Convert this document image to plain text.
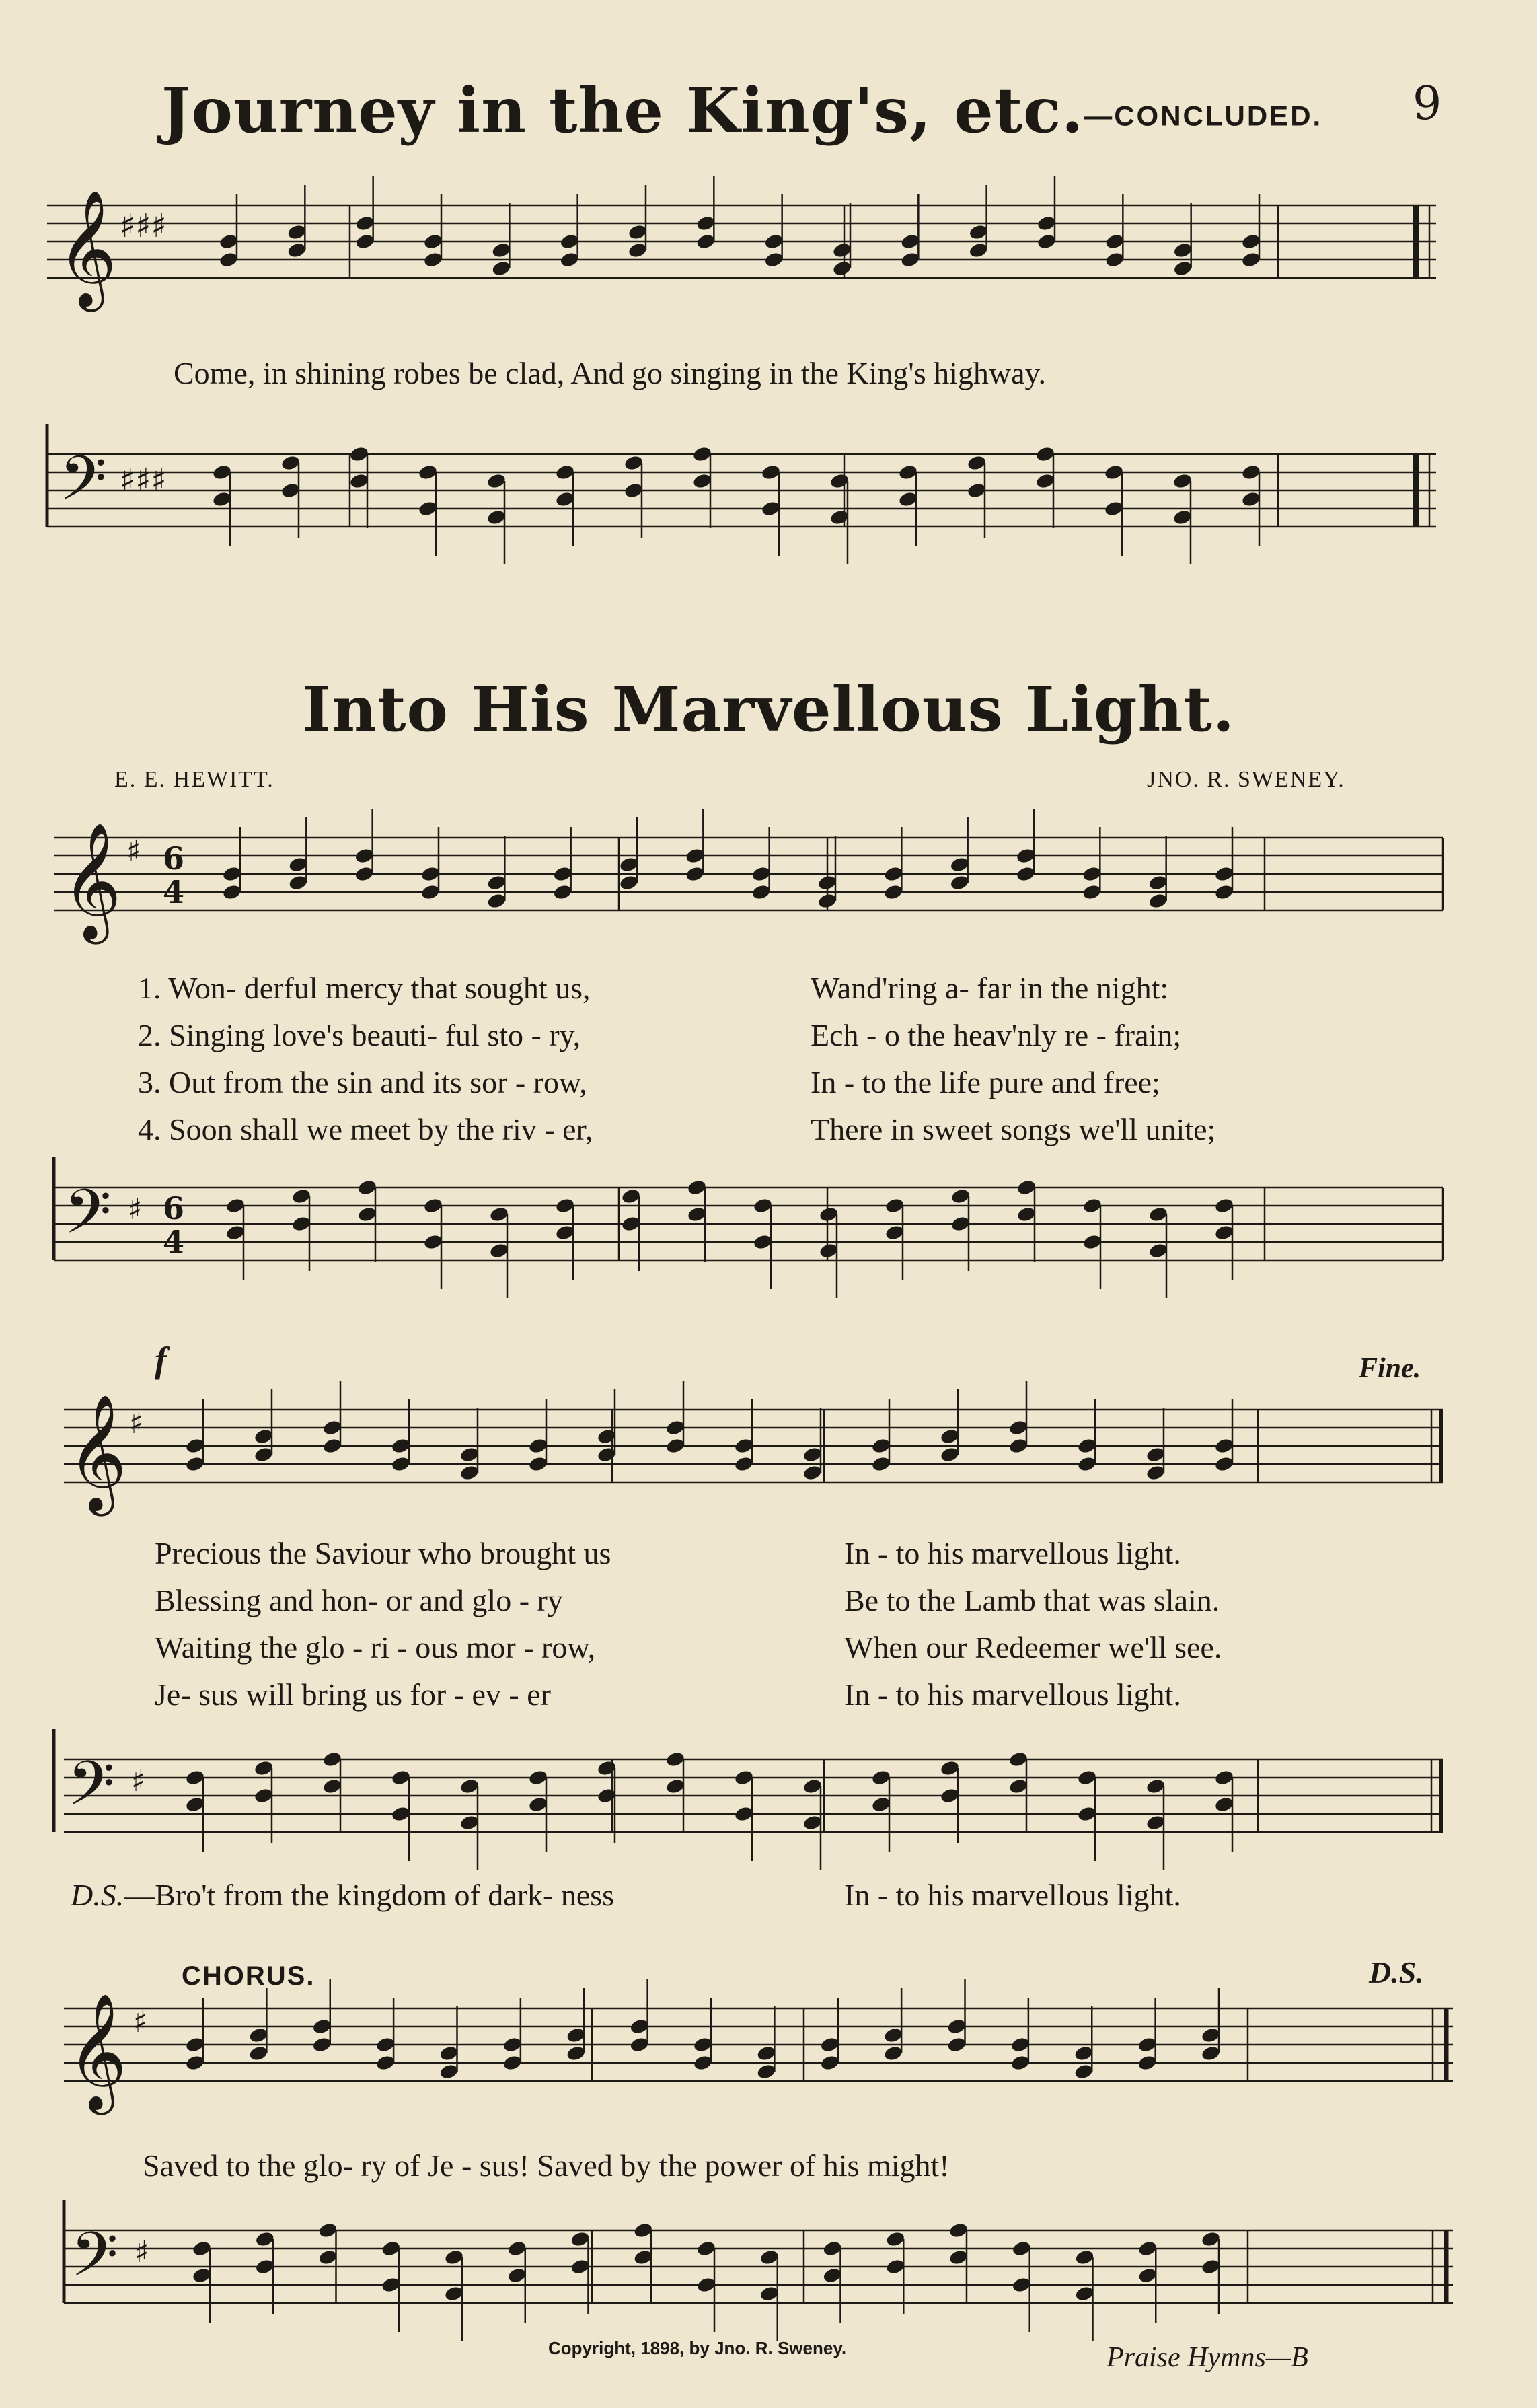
Journey in the King's, etc.—CONCLUDED. 9
𝄞 ♯♯♯
Come, in shining robes be clad, And go singing in the King's highway.
𝄢 ♯♯♯
Into His Marvellous Light.
E. E. HEWITT.	JNO. R. SWENEY.
𝄞 ♯ 6
4
1. Won- derful mercy that sought us,	Wand'ring a- far in the night:
2. Singing love's beauti- ful sto - ry,	Ech - o the heav'nly re - frain;
3. Out from the sin and its sor - row,	In - to the life pure and free;
4. Soon shall we meet by the riv - er,	There in sweet songs we'll unite;
𝄢 ♯ 6
4
f	Fine.
𝄞 ♯
Precious the Saviour who brought us	In - to his marvellous light.
Blessing and hon- or and glo - ry	Be to the Lamb that was slain.
Waiting the glo - ri - ous mor - row,	When our Redeemer we'll see.
Je- sus will bring us for - ev - er	In - to his marvellous light.
𝄢 ♯
D.S.—Bro't from the kingdom of dark- ness	In - to his marvellous light.
CHORUS.	D.S.
𝄞 ♯
Saved to the glo- ry of Je - sus! Saved by the power of his might!
𝄢 ♯
Copyright, 1898, by Jno. R. Sweney.	Praise Hymns—B
